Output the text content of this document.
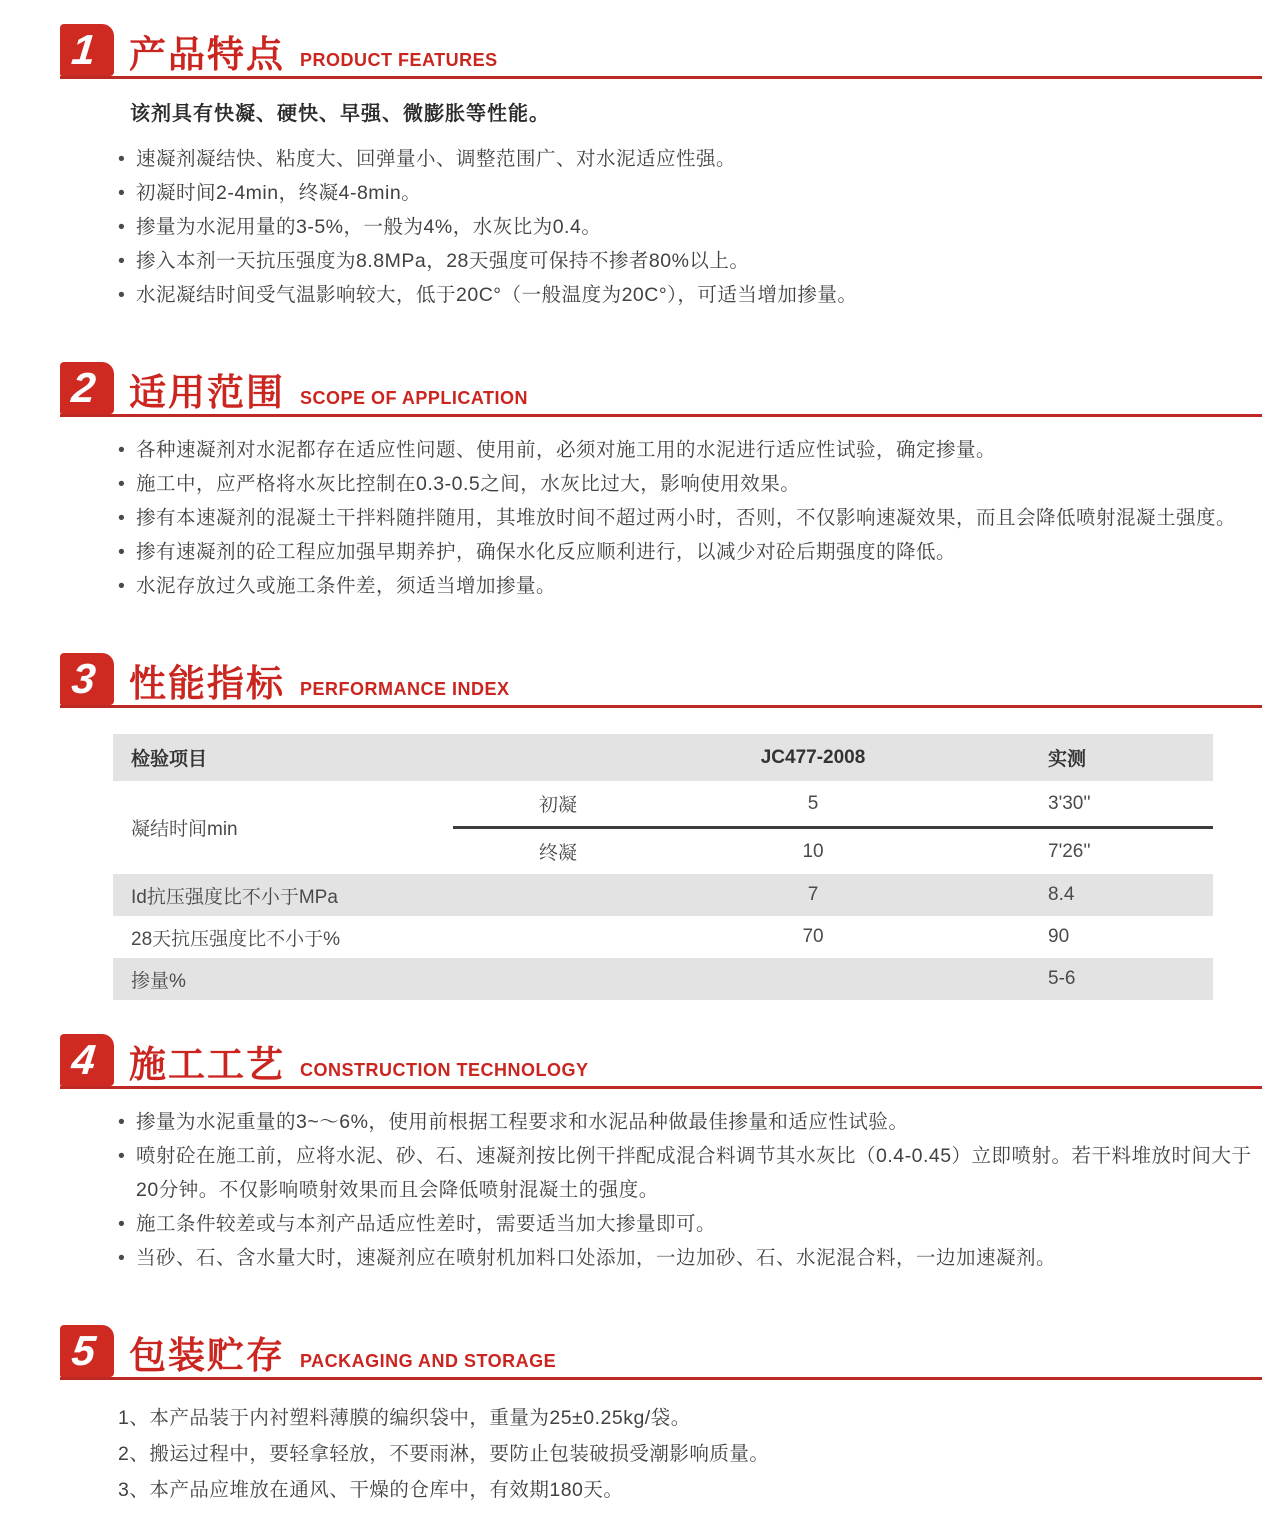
1 产品特点 PRODUCT FEATURES

该剂具有快凝、硬快、早强、微膨胀等性能。

• 速凝剂凝结快、粘度大、回弹量小、调整范围广、对水泥适应性强。
• 初凝时间2-4min，终凝4-8min。
• 掺量为水泥用量的3-5%，一般为4%，水灰比为0.4。
• 掺入本剂一天抗压强度为8.8MPa，28天强度可保持不掺者80%以上。
• 水泥凝结时间受气温影响较大，低于20C°（一般温度为20C°），可适当增加掺量。
2 适用范围 SCOPE OF APPLICATION
• 各种速凝剂对水泥都存在适应性问题、使用前，必须对施工用的水泥进行适应性试验，确定掺量。
• 施工中，应严格将水灰比控制在0.3-0.5之间，水灰比过大，影响使用效果。
• 掺有本速凝剂的混凝土干拌料随拌随用，其堆放时间不超过两小时，否则，不仅影响速凝效果，而且会降低喷射混凝土强度。
• 掺有速凝剂的砼工程应加强早期养护，确保水化反应顺利进行，以减少对砼后期强度的降低。
• 水泥存放过久或施工条件差，须适当增加掺量。
3 性能指标 PERFORMANCE INDEX
检验项目		JC477-2008	实测
凝结时间min	初凝	5	3'30''
	终凝	10	7'26''
Id抗压强度比不小于MPa		7	8.4
28天抗压强度比不小于%		70	90
掺量%			5-6
4 施工工艺 CONSTRUCTION TECHNOLOGY
• 掺量为水泥重量的3~～6%，使用前根据工程要求和水泥品种做最佳掺量和适应性试验。
• 喷射砼在施工前，应将水泥、砂、石、速凝剂按比例干拌配成混合料调节其水灰比（0.4-0.45）立即喷射。若干料堆放时间大于20分钟。不仅影响喷射效果而且会降低喷射混凝土的强度。
• 施工条件较差或与本剂产品适应性差时，需要适当加大掺量即可。
• 当砂、石、含水量大时，速凝剂应在喷射机加料口处添加，一边加砂、石、水泥混合料，一边加速凝剂。
5 包装贮存 PACKAGING AND STORAGE
1、本产品装于内衬塑料薄膜的编织袋中，重量为25±0.25kg/袋。
2、搬运过程中，要轻拿轻放，不要雨淋，要防止包装破损受潮影响质量。
3、本产品应堆放在通风、干燥的仓库中，有效期180天。
